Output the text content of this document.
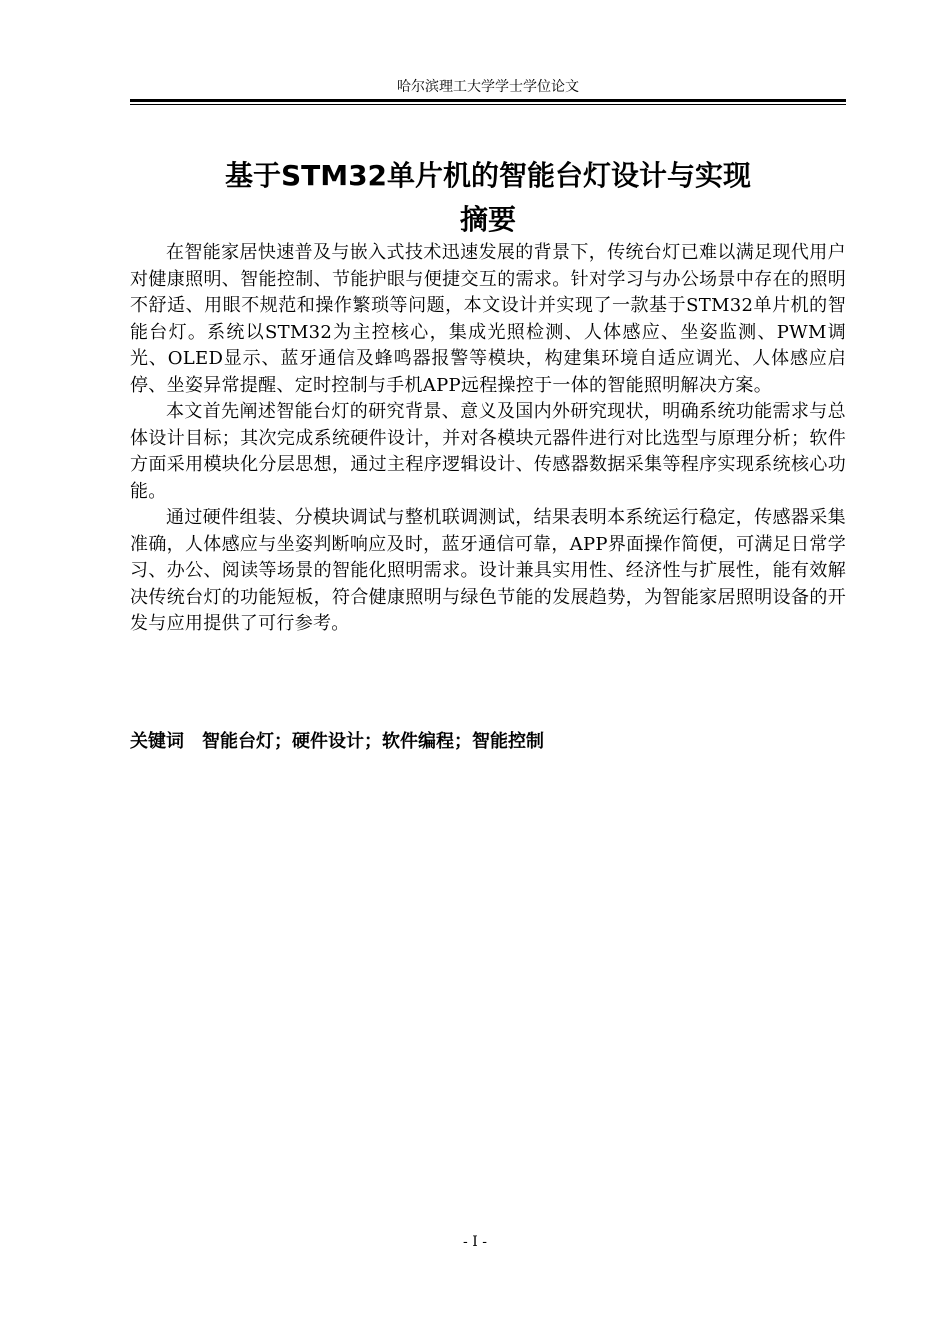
哈尔滨理工大学学士学位论文
基于STM32单片机的智能台灯设计与实现
摘要

在智能家居快速普及与嵌入式技术迅速发展的背景下，传统台灯已难以满足现代用户对健康照明、智能控制、节能护眼与便捷交互的需求。针对学习与办公场景中存在的照明不舒适、用眼不规范和操作繁琐等问题，本文设计并实现了一款基于STM32单片机的智能台灯。系统以STM32为主控核心，集成光照检测、人体感应、坐姿监测、PWM调光、OLED显示、蓝牙通信及蜂鸣器报警等模块，构建集环境自适应调光、人体感应启停、坐姿异常提醒、定时控制与手机APP远程操控于一体的智能照明解决方案。

本文首先阐述智能台灯的研究背景、意义及国内外研究现状，明确系统功能需求与总体设计目标；其次完成系统硬件设计，并对各模块元器件进行对比选型与原理分析；软件方面采用模块化分层思想，通过主程序逻辑设计、传感器数据采集等程序实现系统核心功能。

通过硬件组装、分模块调试与整机联调测试，结果表明本系统运行稳定，传感器采集准确，人体感应与坐姿判断响应及时，蓝牙通信可靠，APP界面操作简便，可满足日常学习、办公、阅读等场景的智能化照明需求。设计兼具实用性、经济性与扩展性，能有效解决传统台灯的功能短板，符合健康照明与绿色节能的发展趋势，为智能家居照明设备的开发与应用提供了可行参考。

关键词 智能台灯；硬件设计；软件编程；智能控制
- I -
